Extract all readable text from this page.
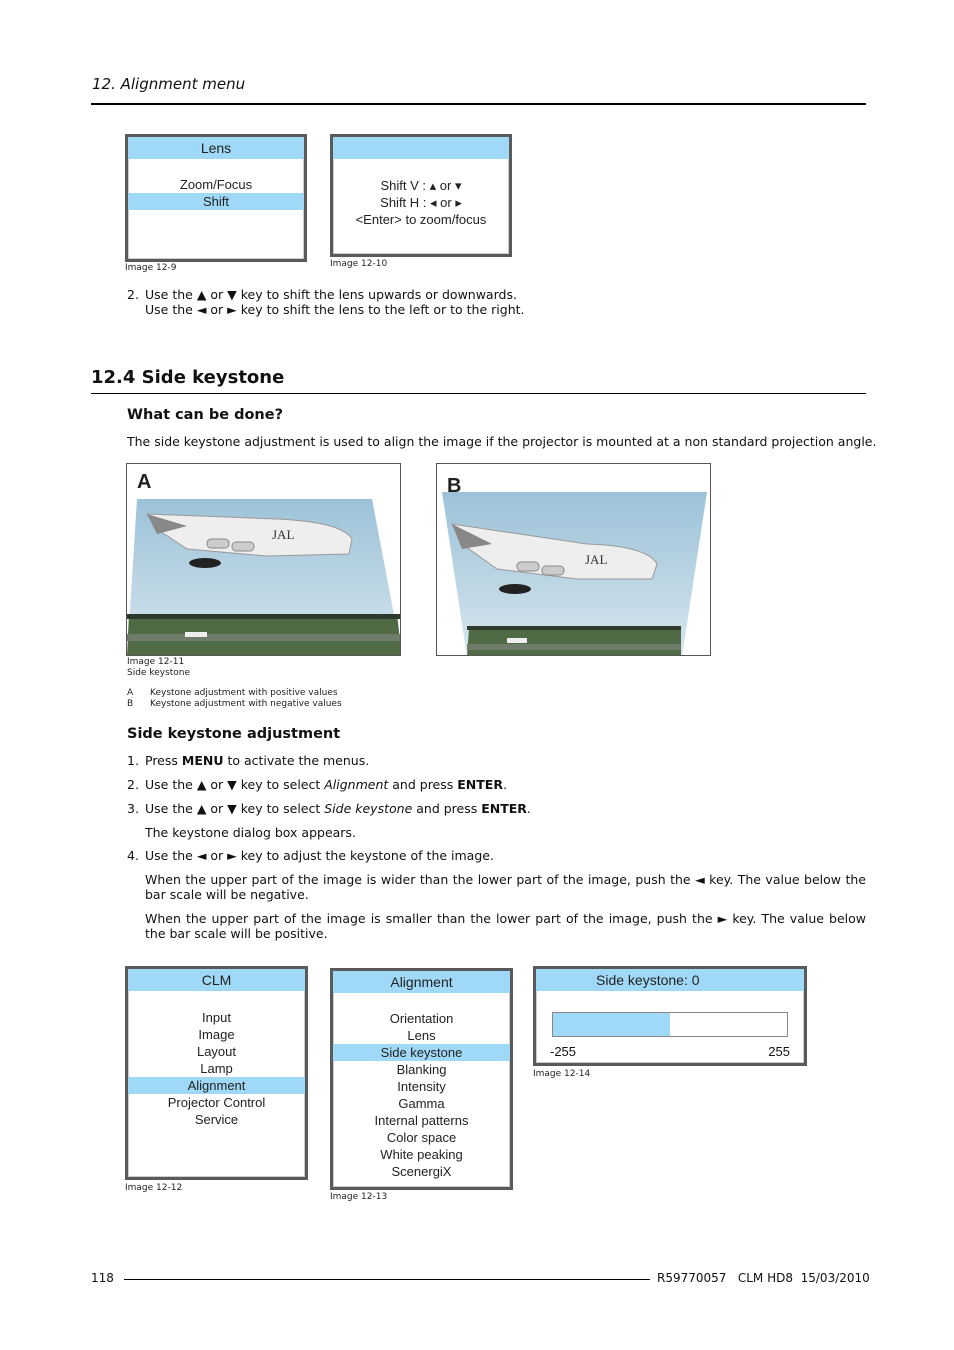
12. Alignment menu
Lens
Zoom/Focus
Shift
Image 12-9
Shift V : ▴ or ▾
Shift H : ◂ or ▸
<Enter> to zoom/focus
Image 12-10
2. Use the ▲ or ▼ key to shift the lens upwards or downwards.
Use the ◄ or ► key to shift the lens to the left or to the right.
12.4 Side keystone
What can be done?
The side keystone adjustment is used to align the image if the projector is mounted at a non standard projection angle.
A
JAL
B
JAL
Image 12-11
Side keystone
A Keystone adjustment with positive values
B Keystone adjustment with negative values
Side keystone adjustment
1. Press MENU to activate the menus.
2. Use the ▲ or ▼ key to select Alignment and press ENTER.
3. Use the ▲ or ▼ key to select Side keystone and press ENTER.
The keystone dialog box appears.
4. Use the ◄ or ► key to adjust the keystone of the image.
When the upper part of the image is wider than the lower part of the image, push the ◄ key. The value below the bar scale will be negative.
When the upper part of the image is smaller than the lower part of the image, push the ► key. The value below the bar scale will be positive.
CLM
Input
Image
Layout
Lamp
Alignment
Projector Control
Service
Image 12-12
Alignment
Orientation
Lens
Side keystone
Blanking
Intensity
Gamma
Internal patterns
Color space
White peaking
ScenergiX
Image 12-13
Side keystone: 0
-255	255
Image 12-14
118	R59770057   CLM HD8  15/03/2010
